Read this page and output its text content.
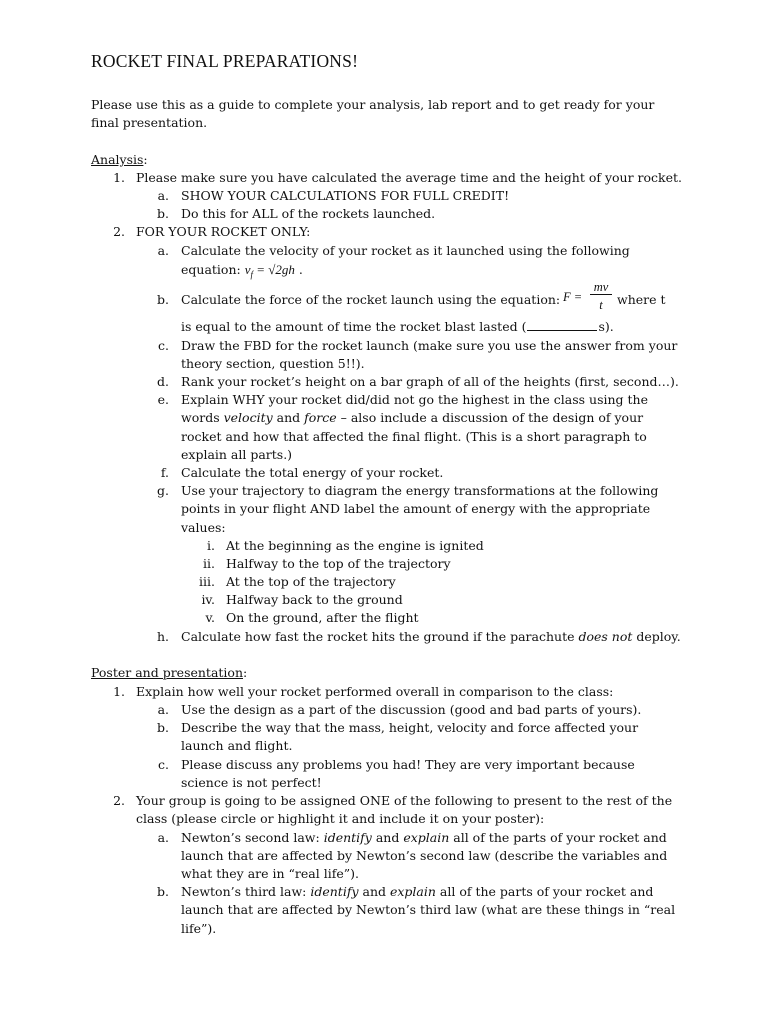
ROCKET FINAL PREPARATIONS!
Please use this as a guide to complete your analysis, lab report and to get ready for your
final presentation.
Analysis:
1. Please make sure you have calculated the average time and the height of your rocket.
a. SHOW YOUR CALCULATIONS FOR FULL CREDIT!
b. Do this for ALL of the rockets launched.
2. FOR YOUR ROCKET ONLY:
a. Calculate the velocity of your rocket as it launched using the following
equation: $v_f = √2gh$ .
b. Calculate the force of the rocket launch using the equation: F =
mv
t	where t
is equal to the amount of time the rocket blast lasted (	s).
c. Draw the FBD for the rocket launch (make sure you use the answer from your
theory section, question 5!!).
d. Rank your rocket’s height on a bar graph of all of the heights (first, second…).
e. Explain WHY your rocket did/did not go the highest in the class using the
words velocity and force – also include a discussion of the design of your
rocket and how that affected the final flight. (This is a short paragraph to
explain all parts.)
f. Calculate the total energy of your rocket.
g. Use your trajectory to diagram the energy transformations at the following
points in your flight AND label the amount of energy with the appropriate
values:
i. At the beginning as the engine is ignited
ii. Halfway to the top of the trajectory
iii. At the top of the trajectory
iv. Halfway back to the ground
v. On the ground, after the flight
h. Calculate how fast the rocket hits the ground if the parachute does not deploy.
Poster and presentation:
1. Explain how well your rocket performed overall in comparison to the class:
a. Use the design as a part of the discussion (good and bad parts of yours).
b. Describe the way that the mass, height, velocity and force affected your
launch and flight.
c. Please discuss any problems you had! They are very important because
science is not perfect!
2. Your group is going to be assigned ONE of the following to present to the rest of the
class (please circle or highlight it and include it on your poster):
a. Newton’s second law: identify and explain all of the parts of your rocket and
launch that are affected by Newton’s second law (describe the variables and
what they are in “real life”).
b. Newton’s third law: identify and explain all of the parts of your rocket and
launch that are affected by Newton’s third law (what are these things in “real
life”).
